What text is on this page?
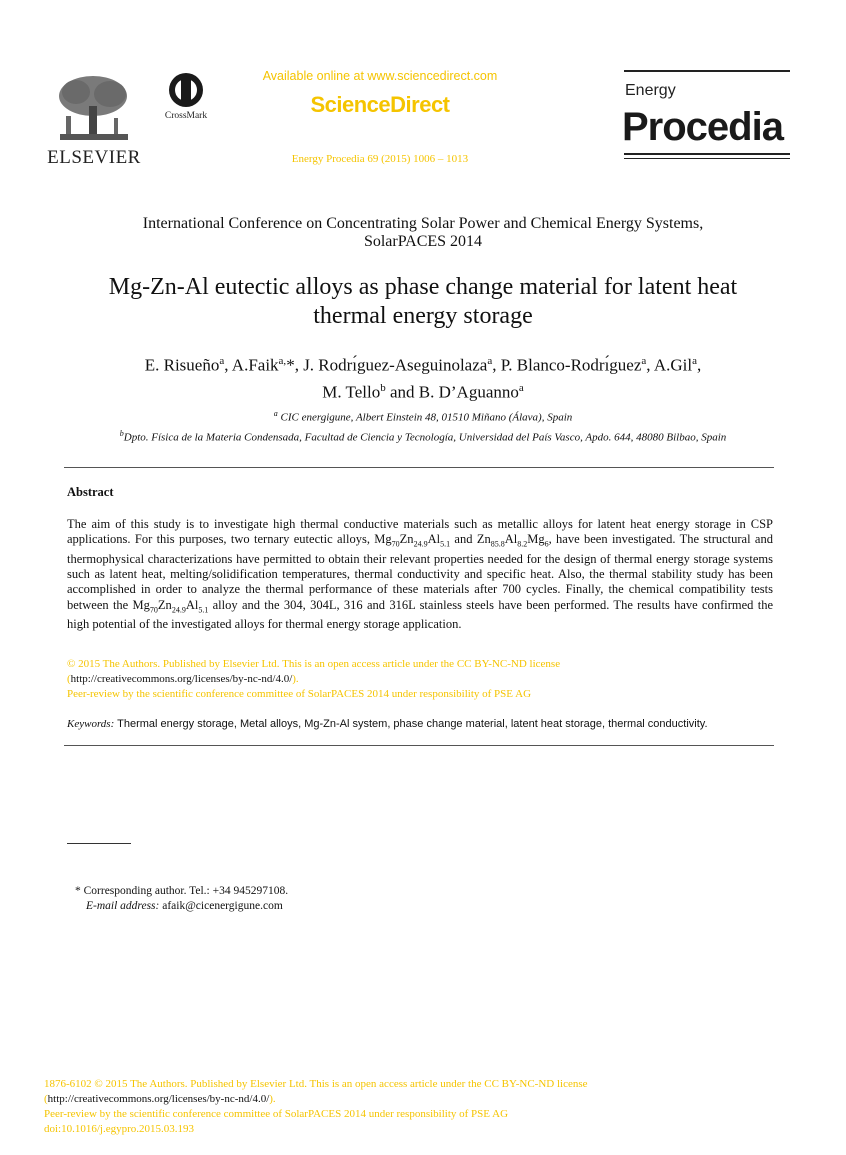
ELSEVIER
CrossMark
Available online at www.sciencedirect.com
ScienceDirect
Energy Procedia 69 (2015) 1006 – 1013
Energy
Procedia
International Conference on Concentrating Solar Power and Chemical Energy Systems,
SolarPACES 2014
Mg-Zn-Al eutectic alloys as phase change material for latent heat
thermal energy storage
E. Risueño$^a$, A.Faik$^{a,}$*, J. Rodrı́guez-Aseguinolaza$^a$, P. Blanco-Rodrı́guez$^a$, A.Gil$^a$,
M. Tello$^b$ and B. D’Aguanno$^a$
$^a$ CIC energigune, Albert Einstein 48, 01510 Miñano (Álava), Spain
$^b$Dpto. Física de la Materia Condensada, Facultad de Ciencia y Tecnología, Universidad del País Vasco, Apdo. 644, 48080 Bilbao, Spain
Abstract
The aim of this study is to investigate high thermal conductive materials such as metallic alloys for latent heat energy storage in CSP applications. For this purposes, two ternary eutectic alloys, $Mg_{70}Zn_{24.9}Al_{5.1}$ and $Zn_{85.8}Al_{8.2}Mg_6$, have been investigated. The structural and thermophysical characterizations have permitted to obtain their relevant properties needed for the design of thermal energy storage systems such as latent heat, melting/solidification temperatures, thermal conductivity and specific heat. Also, the thermal stability study has been accomplished in order to analyze the thermal performance of these materials after 700 cycles. Finally, the chemical compatibility tests between the $Mg_{70}Zn_{24.9}Al_{5.1}$ alloy and the 304, 304L, 316 and 316L stainless steels have been performed. The results have confirmed the high potential of the investigated alloys for thermal energy storage application.
© 2015 The Authors. Published by Elsevier Ltd. This is an open access article under the CC BY-NC-ND license
(http://creativecommons.org/licenses/by-nc-nd/4.0/).
Peer-review by the scientific conference committee of SolarPACES 2014 under responsibility of PSE AG
Keywords: Thermal energy storage, Metal alloys, Mg-Zn-Al system, phase change material, latent heat storage, thermal conductivity.
* Corresponding author. Tel.: +34 945297108.
E-mail address: afaik@cicenergigune.com
1876-6102 © 2015 The Authors. Published by Elsevier Ltd. This is an open access article under the CC BY-NC-ND license
(http://creativecommons.org/licenses/by-nc-nd/4.0/).
Peer-review by the scientific conference committee of SolarPACES 2014 under responsibility of PSE AG
doi:10.1016/j.egypro.2015.03.193
